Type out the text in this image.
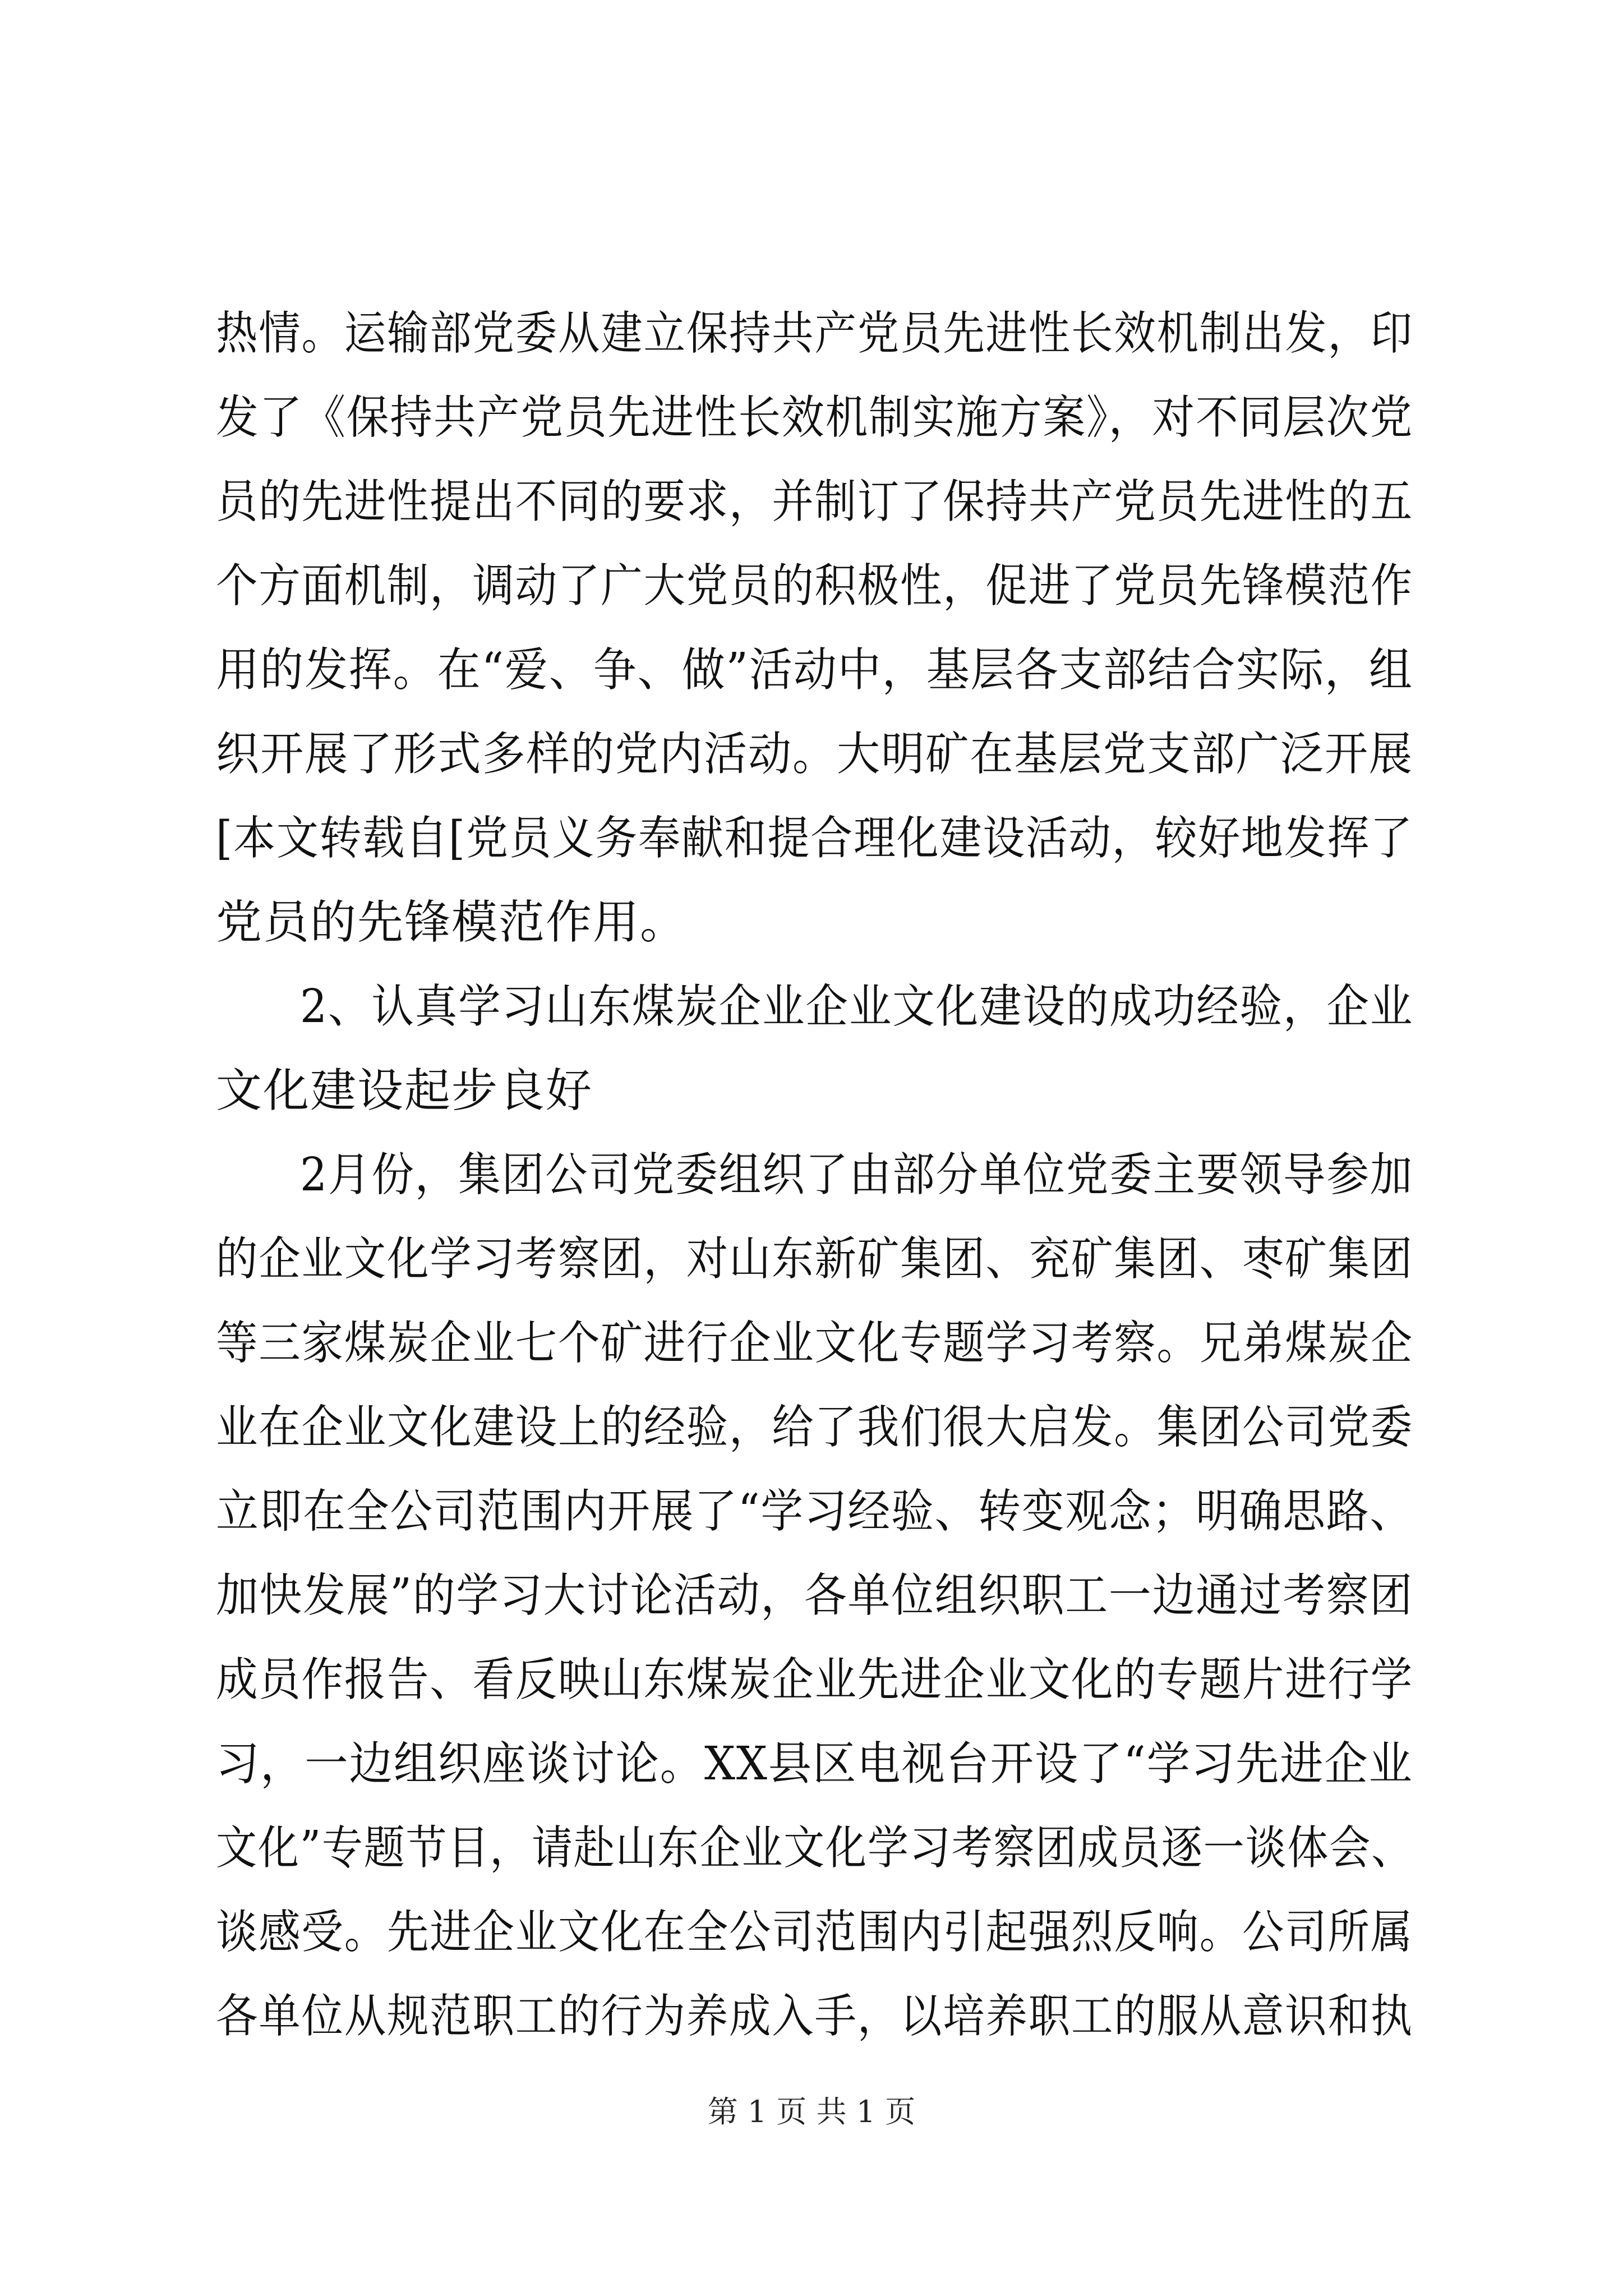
热情。运输部党委从建立保持共产党员先进性长效机制出发，印
发了《保持共产党员先进性长效机制实施方案》，对不同层次党
员的先进性提出不同的要求，并制订了保持共产党员先进性的五
个方面机制，调动了广大党员的积极性，促进了党员先锋模范作
用的发挥。在“爱、争、做”活动中，基层各支部结合实际，组
织开展了形式多样的党内活动。大明矿在基层党支部广泛开展
[本文转载自[党员义务奉献和提合理化建设活动，较好地发挥了
党员的先锋模范作用。
2、认真学习山东煤炭企业企业文化建设的成功经验，企业
文化建设起步良好
2月份，集团公司党委组织了由部分单位党委主要领导参加
的企业文化学习考察团，对山东新矿集团、兖矿集团、枣矿集团
等三家煤炭企业七个矿进行企业文化专题学习考察。兄弟煤炭企
业在企业文化建设上的经验，给了我们很大启发。集团公司党委
立即在全公司范围内开展了“学习经验、转变观念；明确思路、
加快发展”的学习大讨论活动，各单位组织职工一边通过考察团
成员作报告、看反映山东煤炭企业先进企业文化的专题片进行学
习，一边组织座谈讨论。XX县区电视台开设了“学习先进企业
文化”专题节目，请赴山东企业文化学习考察团成员逐一谈体会、
谈感受。先进企业文化在全公司范围内引起强烈反响。公司所属
各单位从规范职工的行为养成入手，以培养职工的服从意识和执
第 1 页 共 1 页
